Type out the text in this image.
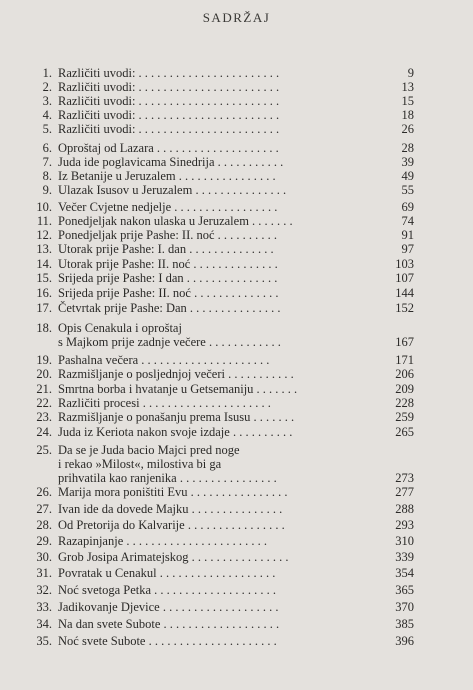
SADRŽAJ
1. Različiti uvodi: . . . . . . . . . . . . . . . . . . . . . . .	9
2. Različiti uvodi: . . . . . . . . . . . . . . . . . . . . . . .	13
3. Različiti uvodi: . . . . . . . . . . . . . . . . . . . . . . .	15
4. Različiti uvodi: . . . . . . . . . . . . . . . . . . . . . . .	18
5. Različiti uvodi: . . . . . . . . . . . . . . . . . . . . . . .	26
6. Oproštaj od Lazara . . . . . . . . . . . . . . . . . . . .	28
7. Juda ide poglavicama Sinedrija . . . . . . . . . . .	39
8. Iz Betanije u Jeruzalem . . . . . . . . . . . . . . . .	49
9. Ulazak Isusov u Jeruzalem . . . . . . . . . . . . . . .	55
10. Večer Cvjetne nedjelje . . . . . . . . . . . . . . . . .	69
11. Ponedjeljak nakon ulaska u Jeruzalem . . . . . . .	74
12. Ponedjeljak prije Pashe: II. noć . . . . . . . . . .	91
13. Utorak prije Pashe: I. dan . . . . . . . . . . . . . .	97
14. Utorak prije Pashe: II. noć . . . . . . . . . . . . . .	103
15. Srijeda prije Pashe: I dan . . . . . . . . . . . . . . .	107
16. Srijeda prije Pashe: II. noć . . . . . . . . . . . . . .	144
17. Četvrtak prije Pashe: Dan . . . . . . . . . . . . . . .	152
18. Opis Cenakula i oproštaj
s Majkom prije zadnje večere . . . . . . . . . . . .	167
19. Pashalna večera . . . . . . . . . . . . . . . . . . . . .	171
20. Razmišljanje o posljednjoj večeri . . . . . . . . . . .	206
21. Smrtna borba i hvatanje u Getsemaniju . . . . . . .	209
22. Različiti procesi . . . . . . . . . . . . . . . . . . . . .	228
23. Razmišljanje o ponašanju prema Isusu . . . . . . .	259
24. Juda iz Keriota nakon svoje izdaje . . . . . . . . . .	265
25. Da se je Juda bacio Majci pred noge
i rekao »Milost«, milostiva bi ga
prihvatila kao ranjenika . . . . . . . . . . . . . . . .	273
26. Marija mora poništiti Evu . . . . . . . . . . . . . . . .	277
27. Ivan ide da dovede Majku . . . . . . . . . . . . . . .	288
28. Od Pretorija do Kalvarije . . . . . . . . . . . . . . . .	293
29. Razapinjanje . . . . . . . . . . . . . . . . . . . . . . .	310
30. Grob Josipa Arimatejskog . . . . . . . . . . . . . . . .	339
31. Povratak u Cenakul . . . . . . . . . . . . . . . . . . .	354
32. Noć svetoga Petka . . . . . . . . . . . . . . . . . . . .	365
33. Jadikovanje Djevice . . . . . . . . . . . . . . . . . . .	370
34. Na dan svete Subote . . . . . . . . . . . . . . . . . . .	385
35. Noć svete Subote . . . . . . . . . . . . . . . . . . . . .	396
